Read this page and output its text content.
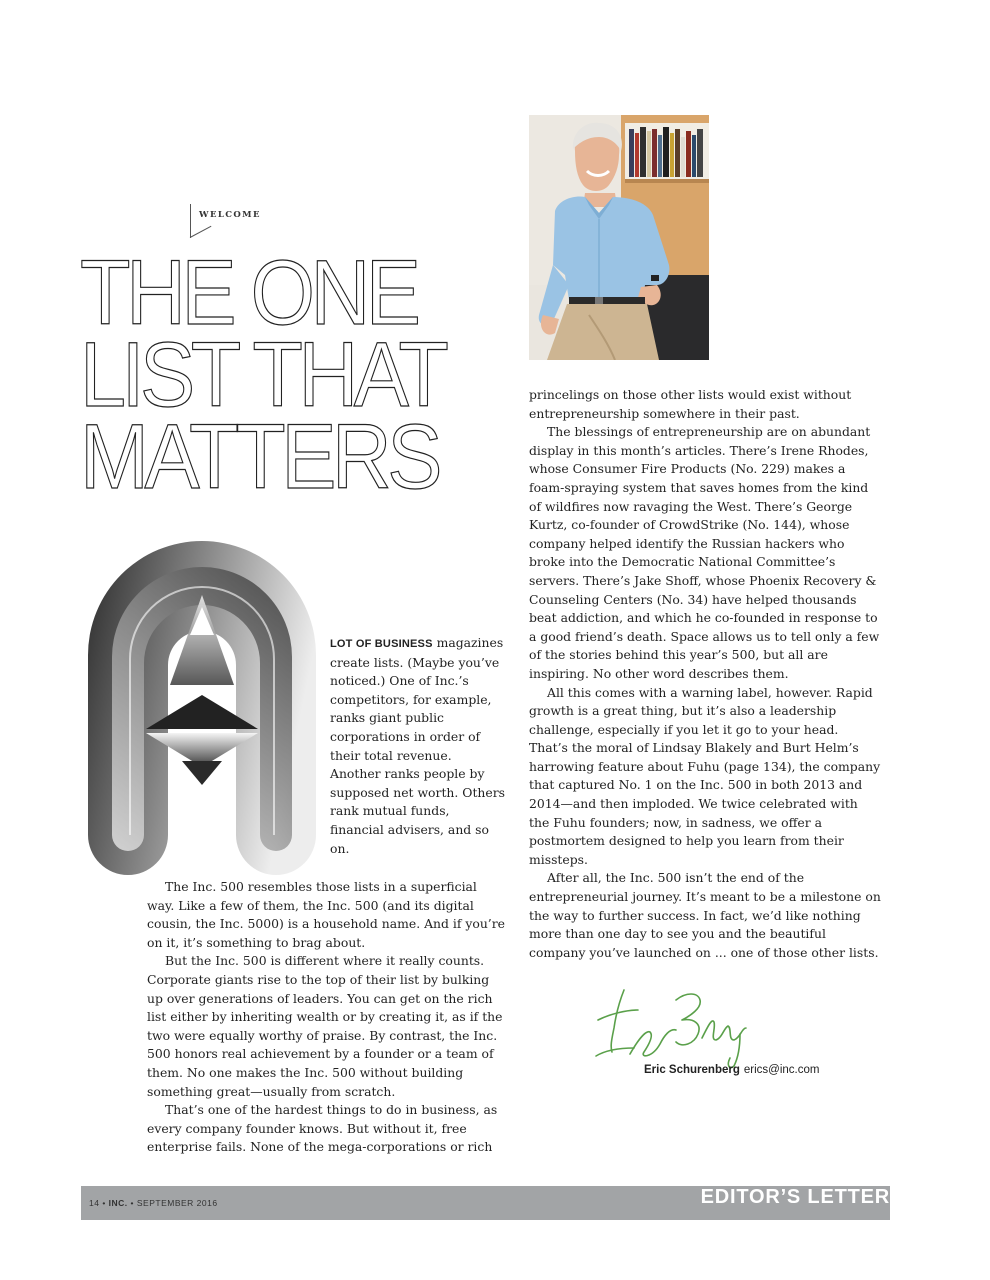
WELCOME
THE ONE
LIST THAT
MATTERS

LOT OF BUSINESS magazines create lists. (Maybe you’ve noticed.) One of Inc.’s competitors, for example, ranks giant public corporations in order of their total revenue. Another ranks people by supposed net worth. Others rank mutual funds, financial advisers, and so on.

The Inc. 500 resembles those lists in a superficial way. Like a few of them, the Inc. 500 (and its digital cousin, the Inc. 5000) is a household name. And if you’re on it, it’s something to brag about.

But the Inc. 500 is different where it really counts. Corporate giants rise to the top of their list by bulking up over generations of leaders. You can get on the rich list either by inheriting wealth or by creating it, as if the two were equally worthy of praise. By contrast, the Inc. 500 honors real achievement by a founder or a team of them. No one makes the Inc. 500 without building something great—usually from scratch.

That’s one of the hardest things to do in business, as every company founder knows. But without it, free enterprise fails. None of the mega-corporations or rich

princelings on those other lists would exist without entrepreneurship somewhere in their past.

The blessings of entrepreneurship are on abundant display in this month’s articles. There’s Irene Rhodes, whose Consumer Fire Products (No. 229) makes a foam-spraying system that saves homes from the kind of wildfires now ravaging the West. There’s George Kurtz, co-founder of CrowdStrike (No. 144), whose company helped identify the Russian hackers who broke into the Democratic National Committee’s servers. There’s Jake Shoff, whose Phoenix Recovery & Counseling Centers (No. 34) have helped thousands beat addiction, and which he co-founded in response to a good friend’s death. Space allows us to tell only a few of the stories behind this year’s 500, but all are inspiring. No other word describes them.

All this comes with a warning label, however. Rapid growth is a great thing, but it’s also a leadership challenge, especially if you let it go to your head. That’s the moral of Lindsay Blakely and Burt Helm’s harrowing feature about Fuhu (page 134), the company that captured No. 1 on the Inc. 500 in both 2013 and 2014—and then imploded. We twice celebrated with the Fuhu founders; now, in sadness, we offer a postmortem designed to help you learn from their missteps.

After all, the Inc. 500 isn’t the end of the entrepreneurial journey. It’s meant to be a milestone on the way to further success. In fact, we’d like nothing more than one day to see you and the beautiful company you’ve launched on ... one of those other lists.

Eric Schurenberg erics@inc.com
14 • INC. • SEPTEMBER 2016	EDITOR’S LETTER
